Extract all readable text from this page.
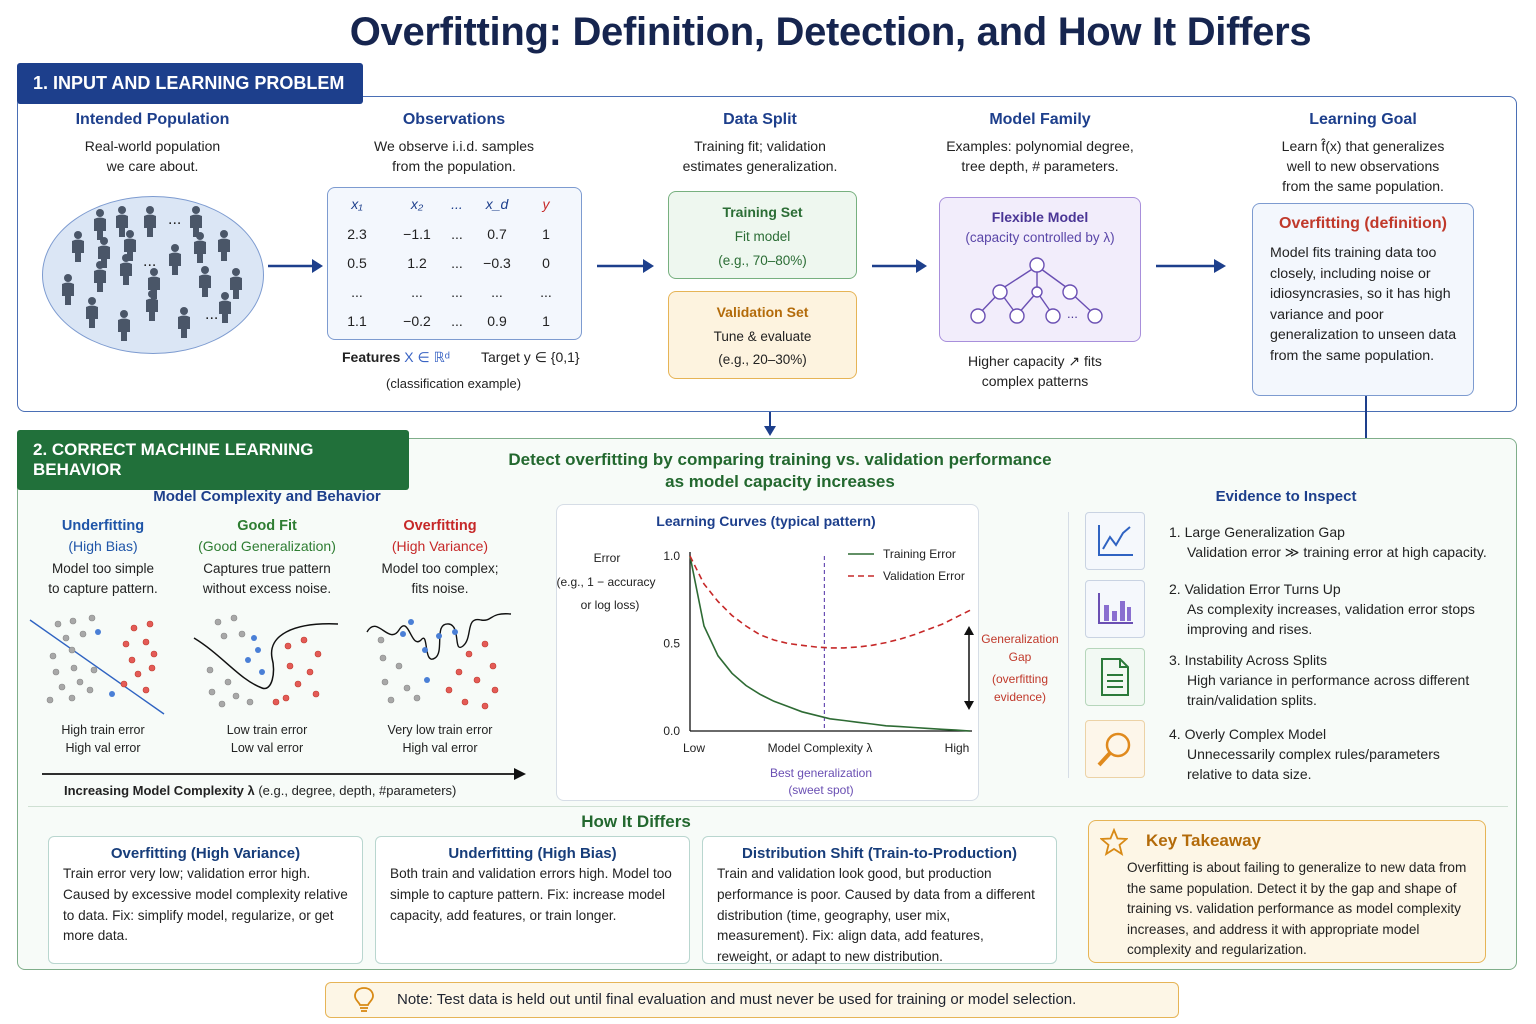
Overfitting: Definition, Detection, and How It Differs
1. INPUT AND LEARNING PROBLEM
Intended Population
Real-world population
we care about.
...
...
...
Observations
We observe i.i.d. samples
from the population.
x₁	x₂	...	x_d	y
2.3	−1.1	...	0.7	1
0.5	1.2	...	−0.3	0
...	...	...	...	...
1.1	−0.2	...	0.9	1
Features X ∈ ℝᵈ Target y ∈ {0,1}
(classification example)
Data Split
Training fit; validation
estimates generalization.
Training Set
Fit model
(e.g., 70–80%)
Validation Set
Tune & evaluate
(e.g., 20–30%)
Model Family
Examples: polynomial degree,
tree depth, # parameters.
Flexible Model
(capacity controlled by λ)
...
Higher capacity ↗ fits
complex patterns
Learning Goal
Learn f̂(x) that generalizes
well to new observations
from the same population.
Overfitting (definition)
Model fits training data too closely, including noise or idiosyncrasies, so it has high variance and poor generalization to unseen data from the same population.
2. CORRECT MACHINE LEARNING BEHAVIOR
Detect overfitting by comparing training vs. validation performance
as model capacity increases
Model Complexity and Behavior
Underfitting
(High Bias)
Model too simple
to capture pattern.
High train error
High val error
Good Fit
(Good Generalization)
Captures true pattern
without excess noise.
Low train error
Low val error
Overfitting
(High Variance)
Model too complex;
fits noise.
Very low train error
High val error
Increasing Model Complexity λ (e.g., degree, depth, #parameters)
Learning Curves (typical pattern)
Error
(e.g., 1 − accuracy
or log loss)
1.0
0.5
0.0
Low	High
Model Complexity λ
Best generalization
(sweet spot)
Training Error
Validation Error
Evidence to Inspect
1. Large Generalization Gap
Validation error ≫ training error at high capacity.
2. Validation Error Turns Up
As complexity increases, validation error stops improving and rises.
3. Instability Across Splits
High variance in performance across different train/validation splits.
4. Overly Complex Model
Unnecessarily complex rules/parameters relative to data size.
How It Differs
Overfitting (High Variance)

Train error very low; validation error high. Caused by excessive model complexity relative to data. Fix: simplify model, regularize, or get more data.

Underfitting (High Bias)

Both train and validation errors high. Model too simple to capture pattern. Fix: increase model capacity, add features, or train longer.

Distribution Shift (Train-to-Production)

Train and validation look good, but production performance is poor. Caused by data from a different distribution (time, geography, user mix, measurement). Fix: align data, add features, reweight, or adapt to new distribution.

Key Takeaway
Overfitting is about failing to generalize to new data from the same population. Detect it by the gap and shape of training vs. validation performance as model complexity increases, and address it with appropriate model complexity and regularization.
Note: Test data is held out until final evaluation and must never be used for training or model selection.
Generalization
Gap
(overfitting
evidence)
